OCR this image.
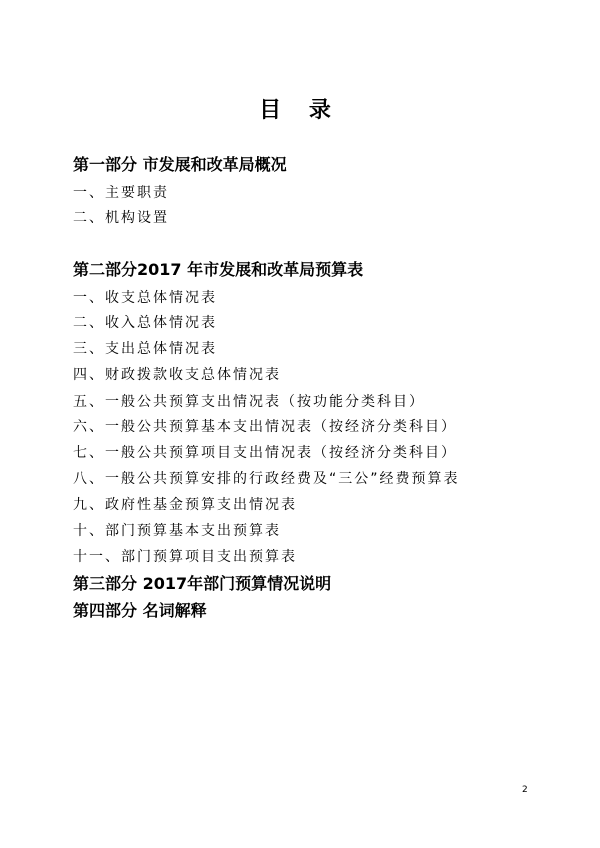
目 录
第一部分 市发展和改革局概况
一、主要职责
二、机构设置
第二部分2017 年市发展和改革局预算表
一、收支总体情况表
二、收入总体情况表
三、支出总体情况表
四、财政拨款收支总体情况表
五、一般公共预算支出情况表（按功能分类科目）
六、一般公共预算基本支出情况表（按经济分类科目）
七、一般公共预算项目支出情况表（按经济分类科目）
八、一般公共预算安排的行政经费及“三公”经费预算表
九、政府性基金预算支出情况表
十、部门预算基本支出预算表
十一、部门预算项目支出预算表
第三部分 2017年部门预算情况说明
第四部分 名词解释
2
